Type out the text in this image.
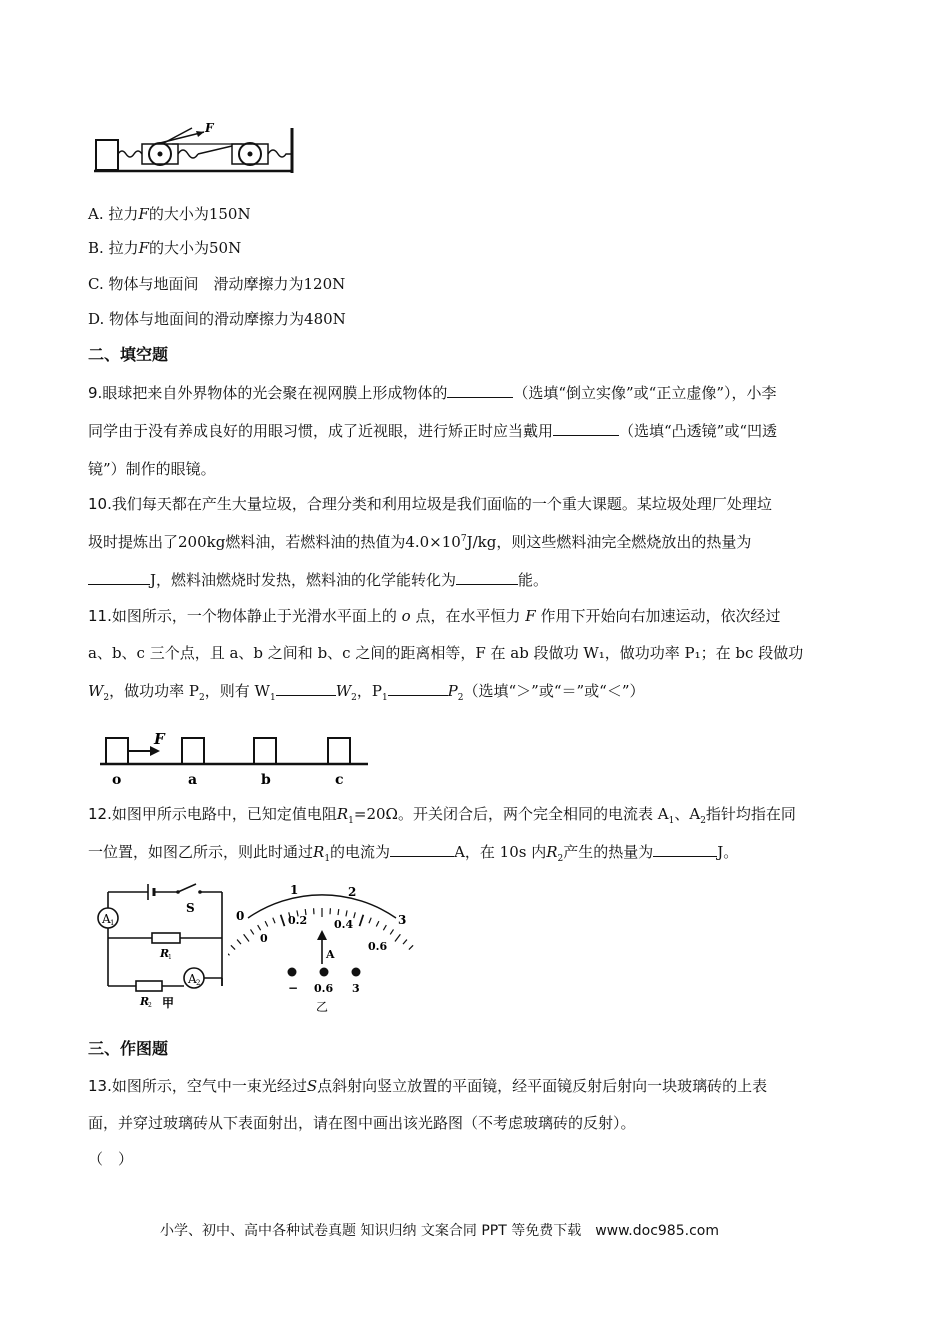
F
A. 拉力F的大小为150N
B. 拉力F的大小为50N
C. 物体与地面间　滑动摩擦力为120N
D. 物体与地面间的滑动摩擦力为480N
二、填空题
9.眼球把来自外界物体的光会聚在视网膜上形成物体的	（选填“倒立实像”或“正立虚像”），小李
同学由于没有养成良好的用眼习惯，成了近视眼，进行矫正时应当戴用	（选填“凸透镜”或“凹透
镜”）制作的眼镜。
10.我们每天都在产生大量垃圾，合理分类和利用垃圾是我们面临的一个重大课题。某垃圾处理厂处理垃
圾时提炼出了200kg燃料油，若燃料油的热值为$4.0\times 10^7J/kg$，则这些燃料油完全燃烧放出的热量为
J，燃料油燃烧时发热，燃料油的化学能转化为	能。
11.如图所示，一个物体静止于光滑水平面上的 o 点，在水平恒力 F 作用下开始向右加速运动，依次经过
a、b、c 三个点，且 a、b 之间和 b、c 之间的距离相等，F 在 ab 段做功 W₁，做功功率 P₁；在 bc 段做功
$W_2$，做功功率 $P_2$，则有 $W_1$	$W_2$，$P_1$	$P_2$（选填“＞”或“＝”或“＜”）
F
o	a	b	c
12.如图甲所示电路中，已知定值电阻$R_1=20\Omega$。开关闭合后，两个完全相同的电流表 $A_1$、$A_2$指针均指在同
一位置，如图乙所示，则此时通过$R_1$的电流为	A，在 10s 内$R_2$产生的热量为	J。
A 1
A 2
S
R
1
R
2 甲
0
1	2
3
0
0.2 0.4
0.6
A
− 0.6 3
乙
三、作图题
13.如图所示，空气中一束光经过S点斜射向竖立放置的平面镜，经平面镜反射后射向一块玻璃砖的上表
面，并穿过玻璃砖从下表面射出，请在图中画出该光路图（不考虑玻璃砖的反射）。
（　）
小学、初中、高中各种试卷真题 知识归纳 文案合同 PPT 等免费下载　www.doc985.com
